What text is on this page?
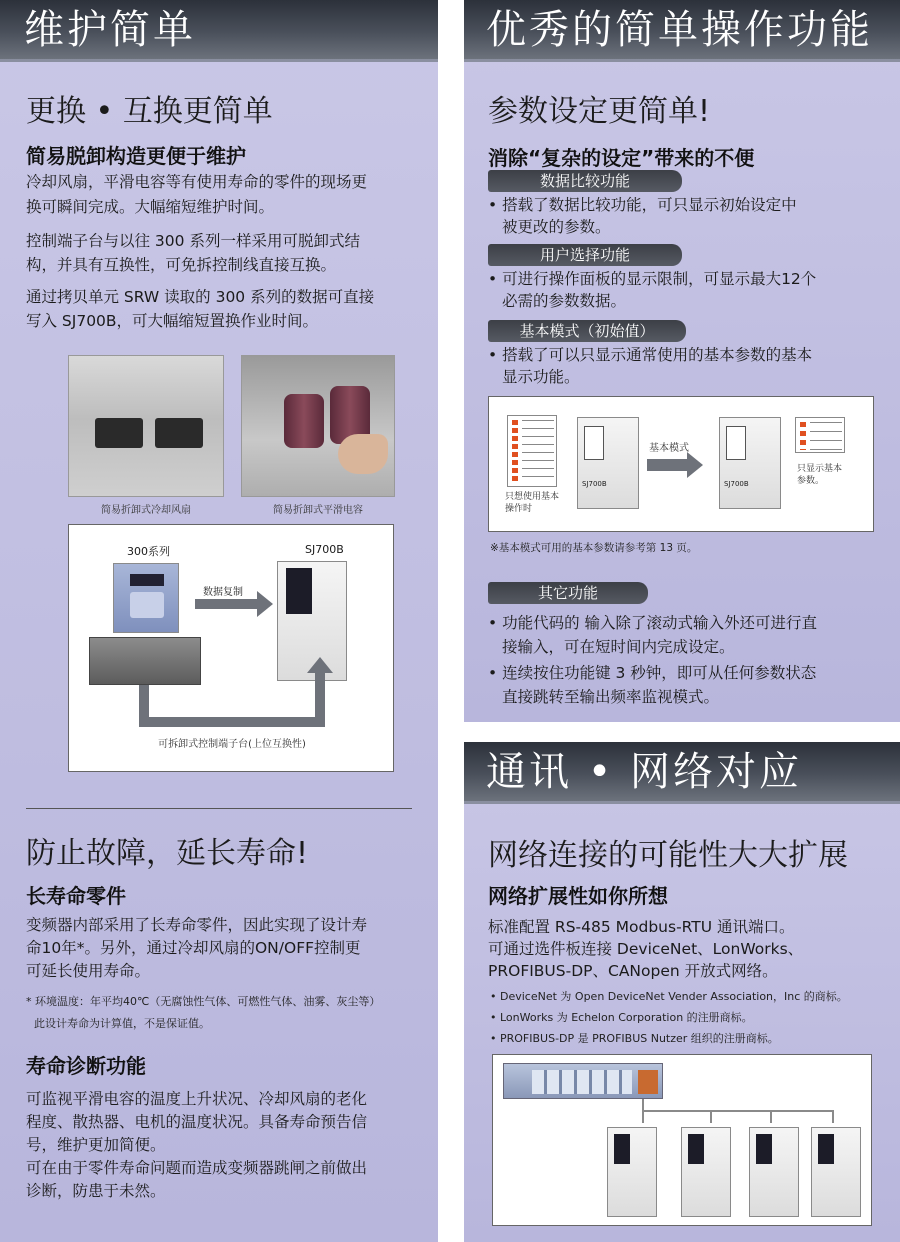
维护简单
更换 • 互换更简单
简易脱卸构造更便于维护
冷却风扇，平滑电容等有使用寿命的零件的现场更
换可瞬间完成。大幅缩短维护时间。
控制端子台与以往 300 系列一样采用可脱卸式结
构，并具有互换性，可免拆控制线直接互换。
通过拷贝单元 SRW 读取的 300 系列的数据可直接
写入 SJ700B，可大幅缩短置换作业时间。
简易折卸式冷却风扇	简易折卸式平滑电容
300系列	SJ700B
数据复制
可拆卸式控制端子台(上位互换性)
防止故障，延长寿命!
长寿命零件
变频器内部采用了长寿命零件，因此实现了设计寿
命10年*。另外，通过冷却风扇的ON/OFF控制更
可延长使用寿命。
* 环境温度：年平均40℃（无腐蚀性气体、可燃性气体、油雾、灰尘等）
此设计寿命为计算值，不是保证值。
寿命诊断功能
可监视平滑电容的温度上升状况、冷却风扇的老化
程度、散热器、电机的温度状况。具备寿命预告信
号，维护更加简便。
可在由于零件寿命问题而造成变频器跳闸之前做出
诊断，防患于未然。
优秀的简单操作功能
参数设定更简单!
消除“复杂的设定”带来的不便
数据比较功能
• 搭载了数据比较功能，可只显示初始设定中
被更改的参数。
用户选择功能
• 可进行操作面板的显示限制，可显示最大12个
必需的参数数据。
基本模式（初始值）
• 搭载了可以只显示通常使用的基本参数的基本
显示功能。
只想使用基本
操作时
SJ700B
基本模式
SJ700B
只显示基本
参数。
※基本模式可用的基本参数请参考第 13 页。
其它功能
• 功能代码的 输入除了滚动式输入外还可进行直
接输入，可在短时间内完成设定。
• 连续按住功能键 3 秒钟，即可从任何参数状态
直接跳转至输出频率监视模式。
通讯 • 网络对应
网络连接的可能性大大扩展
网络扩展性如你所想
标准配置 RS-485 Modbus-RTU 通讯端口。
可通过选件板连接 DeviceNet、LonWorks、
PROFIBUS-DP、CANopen 开放式网络。
• DeviceNet 为 Open DeviceNet Vender Association，Inc 的商标。
• LonWorks 为 Echelon Corporation 的注册商标。
• PROFIBUS-DP 是 PROFIBUS Nutzer 组织的注册商标。
